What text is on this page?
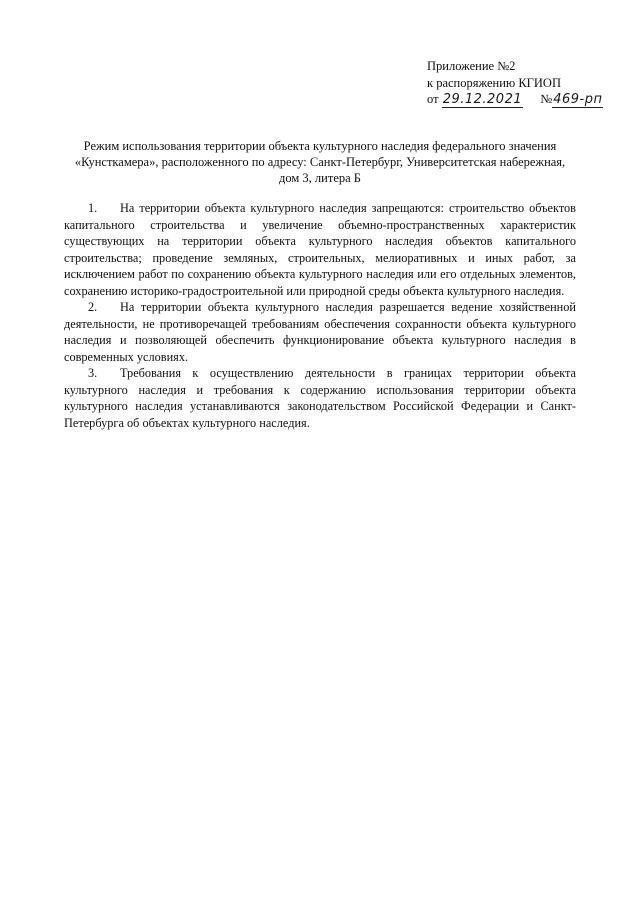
Приложение №2
к распоряжению КГИОП
от 29.12.2021 №469-рп
Режим использования территории объекта культурного наследия федерального значения
«Кунсткамера», расположенного по адресу: Санкт-Петербург, Университетская набережная,
дом 3, литера Б

1. На территории объекта культурного наследия запрещаются: строительство объектов капитального строительства и увеличение объемно-пространственных характеристик существующих на территории объекта культурного наследия объектов капитального строительства; проведение земляных, строительных, мелиоративных и иных работ, за исключением работ по сохранению объекта культурного наследия или его отдельных элементов, сохранению историко-градостроительной или природной среды объекта культурного наследия.

2. На территории объекта культурного наследия разрешается ведение хозяйственной деятельности, не противоречащей требованиям обеспечения сохранности объекта культурного наследия и позволяющей обеспечить функционирование объекта культурного наследия в современных условиях.

3. Требования к осуществлению деятельности в границах территории объекта культурного наследия и требования к содержанию использования территории объекта культурного наследия устанавливаются законодательством Российской Федерации и Санкт-Петербурга об объектах культурного наследия.
